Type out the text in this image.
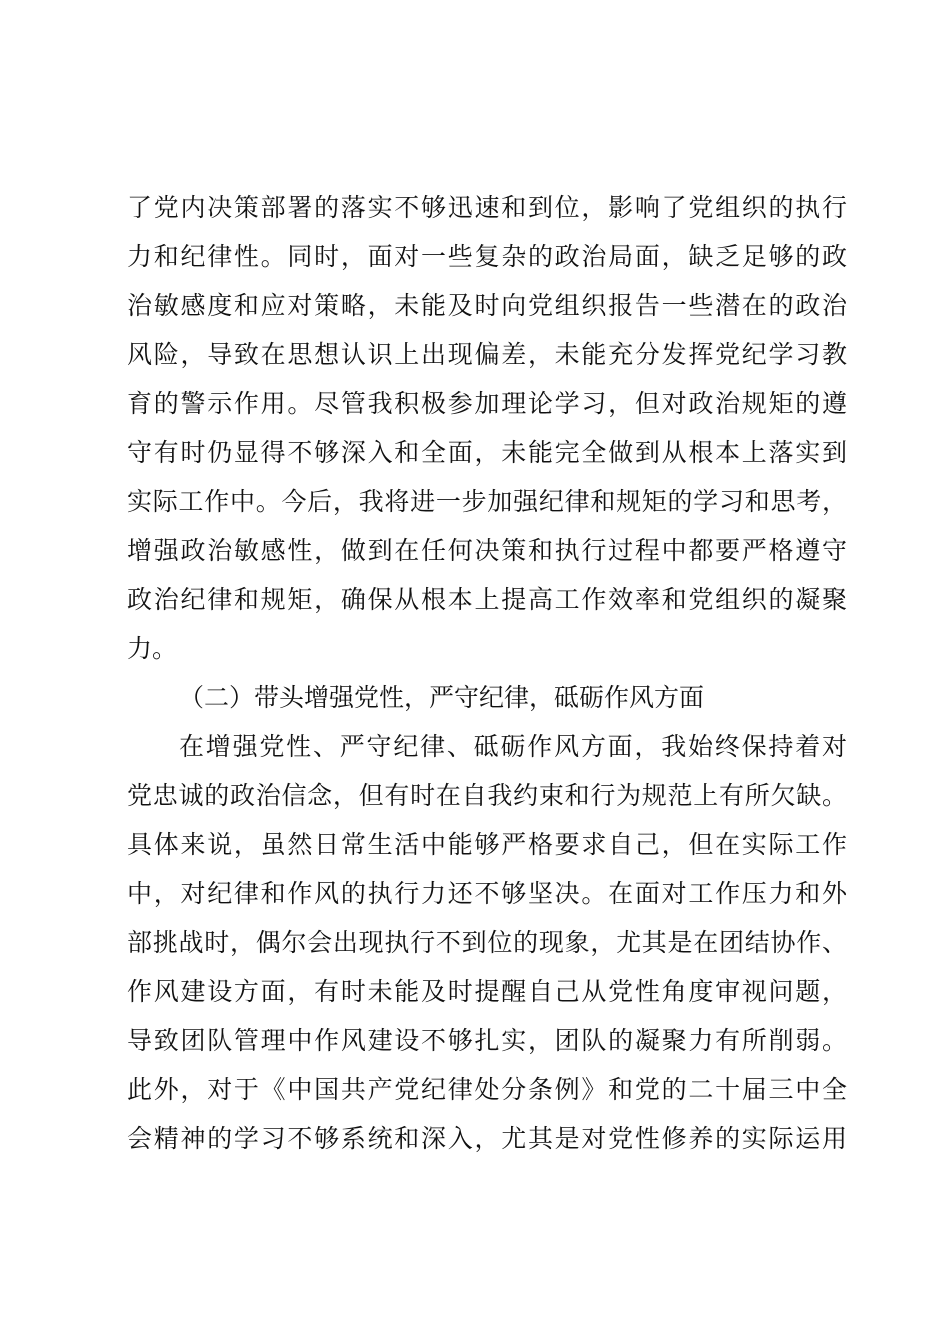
了党内决策部署的落实不够迅速和到位，影响了党组织的执行
力和纪律性。同时，面对一些复杂的政治局面，缺乏足够的政
治敏感度和应对策略，未能及时向党组织报告一些潜在的政治
风险，导致在思想认识上出现偏差，未能充分发挥党纪学习教
育的警示作用。尽管我积极参加理论学习，但对政治规矩的遵
守有时仍显得不够深入和全面，未能完全做到从根本上落实到
实际工作中。今后，我将进一步加强纪律和规矩的学习和思考，
增强政治敏感性，做到在任何决策和执行过程中都要严格遵守
政治纪律和规矩，确保从根本上提高工作效率和党组织的凝聚
力。
（二）带头增强党性，严守纪律，砥砺作风方面
在增强党性、严守纪律、砥砺作风方面，我始终保持着对
党忠诚的政治信念，但有时在自我约束和行为规范上有所欠缺。
具体来说，虽然日常生活中能够严格要求自己，但在实际工作
中，对纪律和作风的执行力还不够坚决。在面对工作压力和外
部挑战时，偶尔会出现执行不到位的现象，尤其是在团结协作、
作风建设方面，有时未能及时提醒自己从党性角度审视问题，
导致团队管理中作风建设不够扎实，团队的凝聚力有所削弱。
此外，对于《中国共产党纪律处分条例》和党的二十届三中全
会精神的学习不够系统和深入，尤其是对党性修养的实际运用
